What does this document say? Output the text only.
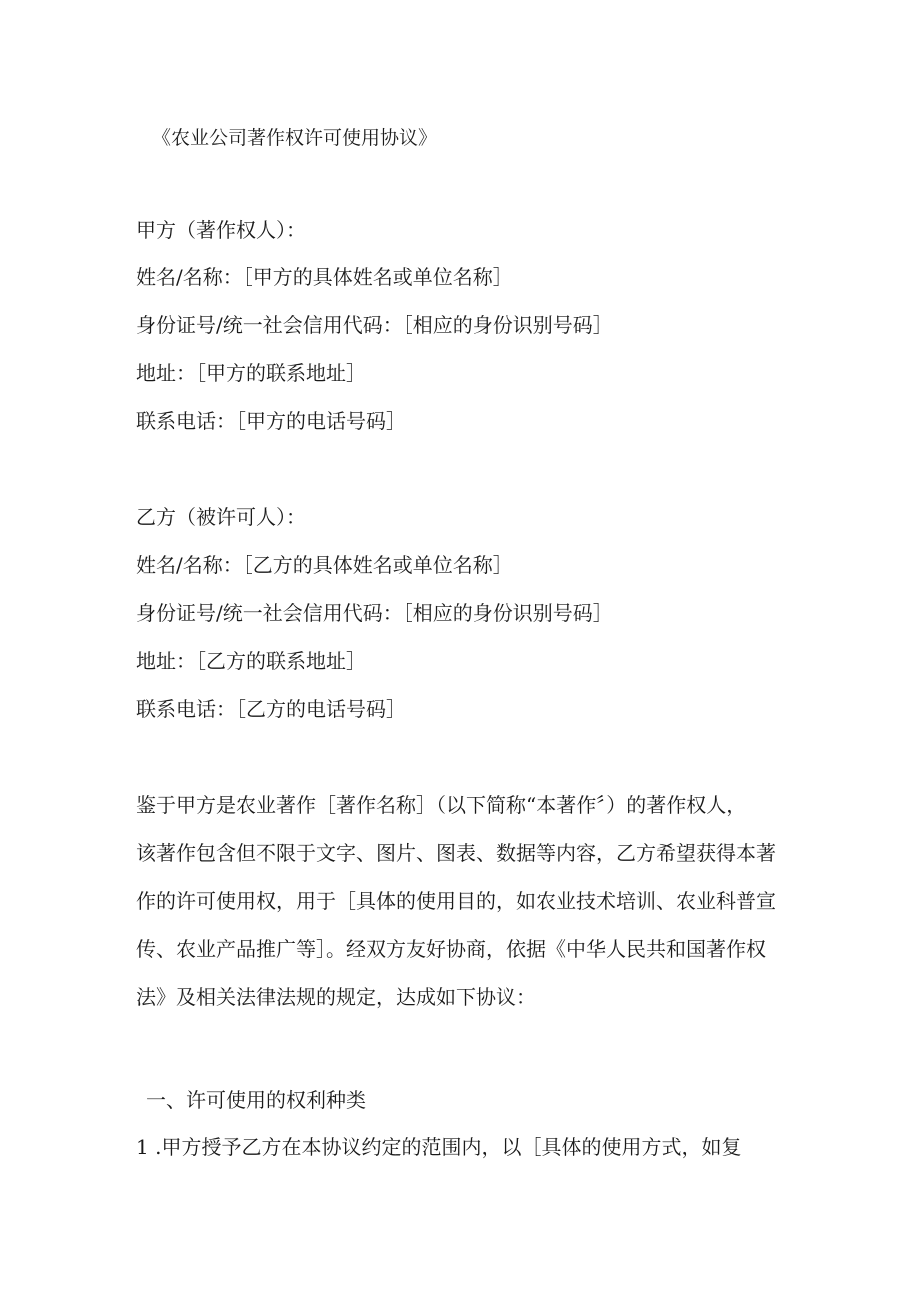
《农业公司著作权许可使用协议》
甲方（著作权人）：
姓名/名称：［甲方的具体姓名或单位名称］
身份证号/统一社会信用代码：［相应的身份识别号码］
地址：［甲方的联系地址］
联系电话：［甲方的电话号码］
乙方（被许可人）：
姓名/名称：［乙方的具体姓名或单位名称］
身份证号/统一社会信用代码：［相应的身份识别号码］
地址：［乙方的联系地址］
联系电话：［乙方的电话号码］
鉴于甲方是农业著作［著作名称］（以下简称“本著作〞）的著作权人，
该著作包含但不限于文字、图片、图表、数据等内容，乙方希望获得本著
作的许可使用权，用于［具体的使用目的，如农业技术培训、农业科普宣
传、农业产品推广等］。经双方友好协商，依据《中华人民共和国著作权
法》及相关法律法规的规定，达成如下协议：
一、许可使用的权利种类
1 .甲方授予乙方在本协议约定的范围内，以［具体的使用方式，如复
